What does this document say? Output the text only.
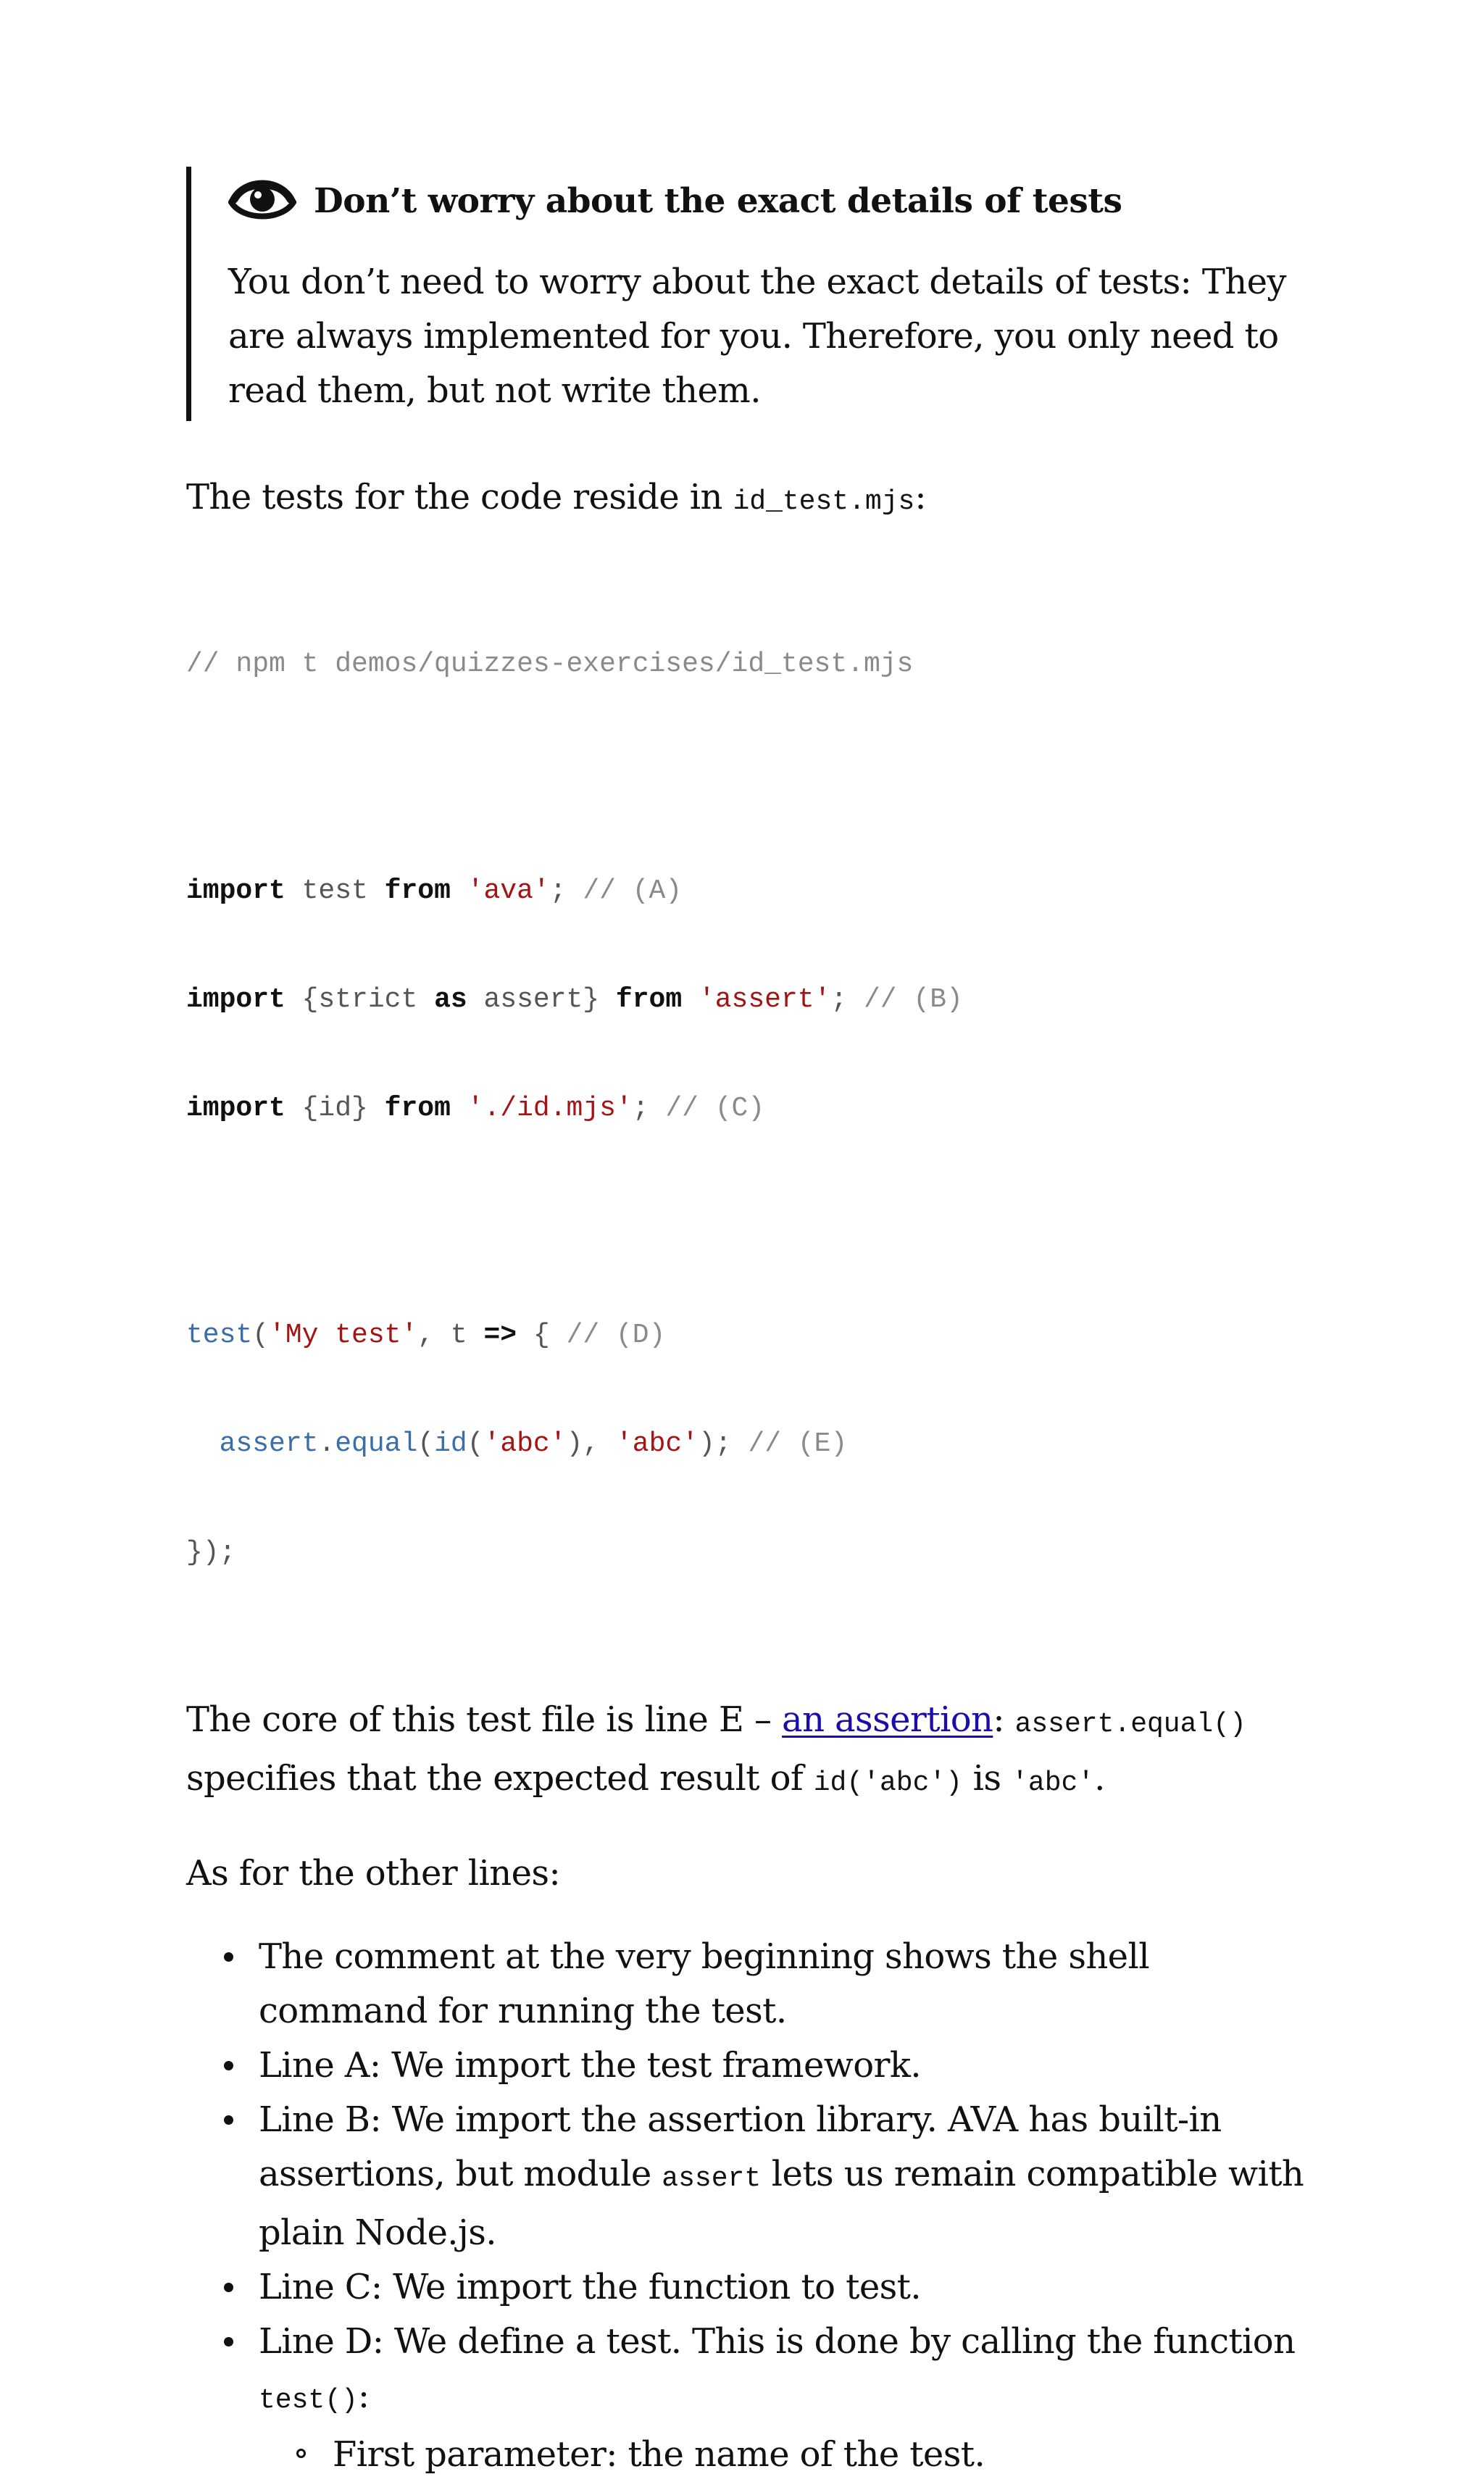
Don’t worry about the exact details of tests
You don’t need to worry about the exact details of tests: They are always implemented for you. Therefore, you only need to read them, but not write them.

The tests for the code reside in id_test.mjs:

// npm t demos/quizzes-exercises/id_test.mjs

import test from 'ava'; // (A)

import {strict as assert} from 'assert'; // (B)

import {id} from './id.mjs'; // (C)

test('My test', t => { // (D)

assert.equal(id('abc'), 'abc'); // (E)

});

The core of this test file is line E – an assertion: assert.equal() specifies that the expected result of id('abc') is 'abc'.

As for the other lines:

The comment at the very beginning shows the shell command for running the test.
Line A: We import the test framework.
Line B: We import the assertion library. AVA has built-in assertions, but module assert lets us remain compatible with plain Node.js.
Line C: We import the function to test.
Line D: We define a test. This is done by calling the function test():
First parameter: the name of the test.
